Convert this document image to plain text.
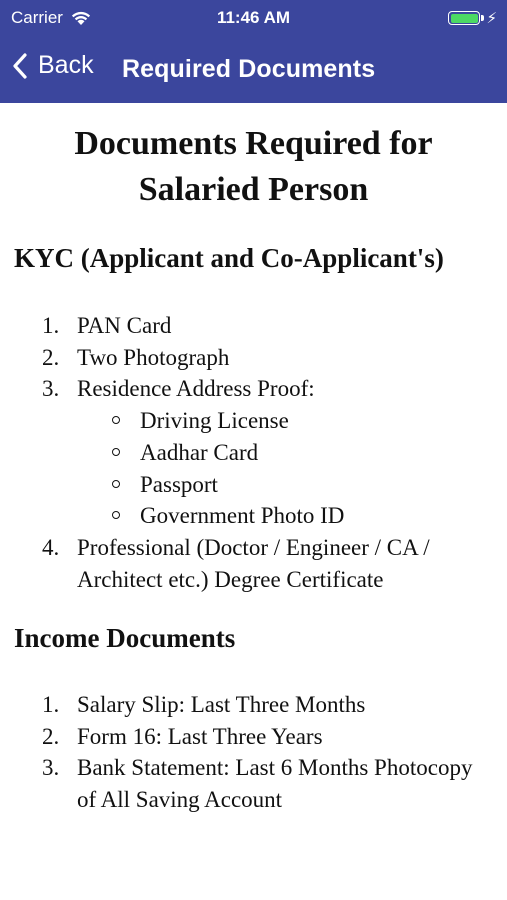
Carrier	11:46 AM	⚡︎
Back Required Documents
Documents Required for
Salaried Person
KYC (Applicant and Co-Applicant's)
1. PAN Card
2. Two Photograph
3. Residence Address Proof:
Driving License
Aadhar Card
Passport
Government Photo ID
4. Professional (Doctor / Engineer / CA / Architect etc.) Degree Certificate
Income Documents
1. Salary Slip: Last Three Months
2. Form 16: Last Three Years
3. Bank Statement: Last 6 Months Photocopy of All Saving Account
